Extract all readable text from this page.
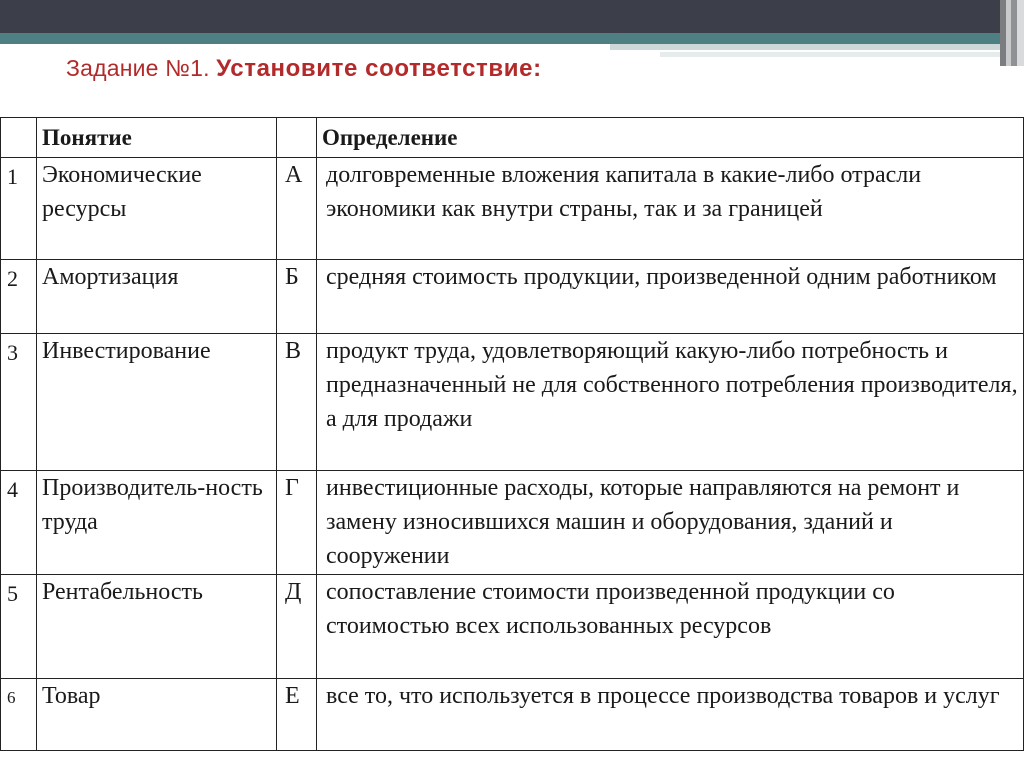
Задание №1. Установите соответствие:
	Понятие		Определение
1	Экономические ресурсы	А	долговременные вложения капитала в какие-либо отрасли экономики как внутри страны, так и за границей
2	Амортизация	Б	средняя стоимость продукции, произведенной одним работником
3	Инвестирование	В	продукт труда, удовлетворяющий какую-либо потребность и предназначенный не для собственного потребления производителя, а для продажи
4	Производитель-ность труда	Г	инвестиционные расходы, которые направляются на ремонт и замену износившихся машин и оборудования, зданий и сооружении
5	Рентабельность	Д	сопоставление стоимости произведенной продукции со стоимостью всех использованных ресурсов
6	Товар	Е	все то, что используется в процессе производства товаров и услуг
